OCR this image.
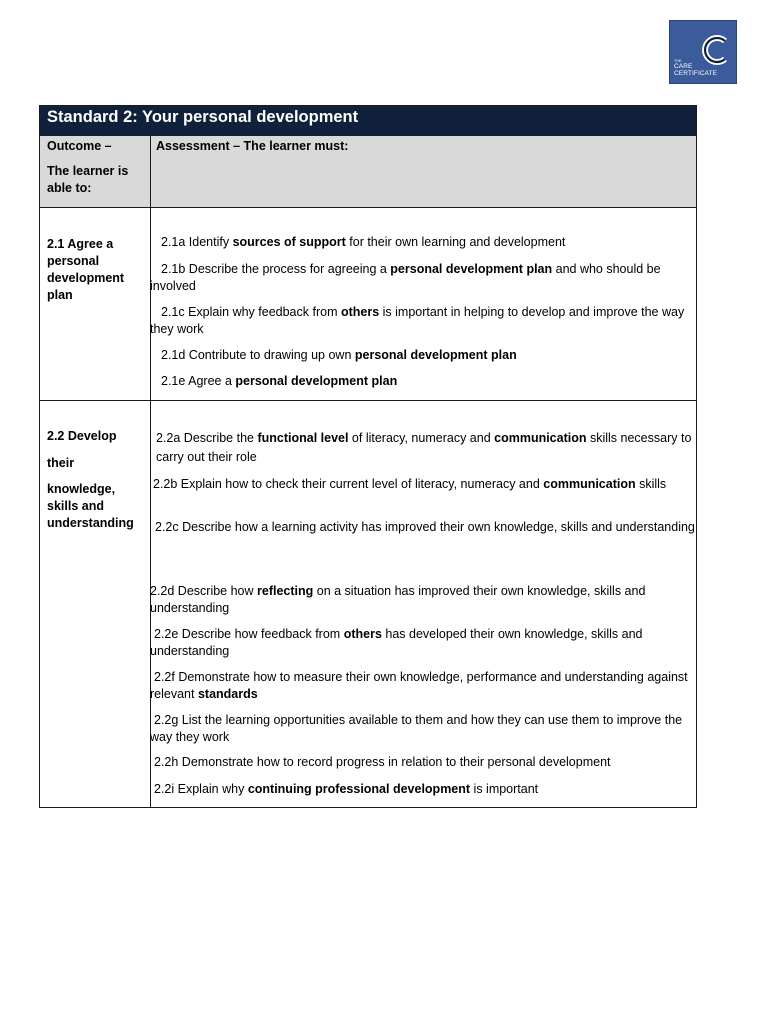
THE
CARE
CERTIFICATE
Standard 2: Your personal development
Outcome –
The learner is able to:
Assessment – The learner must:
2.1 Agree a personal development plan
2.1a Identify sources of support for their own learning and development
2.1b Describe the process for agreeing a personal development plan and who should be involved
2.1c Explain why feedback from others is important in helping to develop and improve the way they work
2.1d Contribute to drawing up own personal development plan
2.1e Agree a personal development plan
2.2 Develop
their
knowledge, skills and understanding
2.2a Describe the functional level of literacy, numeracy and communication skills necessary to carry out their role
2.2b Explain how to check their current level of literacy, numeracy and communication skills
2.2c Describe how a learning activity has improved their own knowledge, skills and understanding
2.2d Describe how reflecting on a situation has improved their own knowledge, skills and understanding
2.2e Describe how feedback from others has developed their own knowledge, skills and understanding
2.2f Demonstrate how to measure their own knowledge, performance and understanding against relevant standards
2.2g List the learning opportunities available to them and how they can use them to improve the way they work
2.2h Demonstrate how to record progress in relation to their personal development
2.2i Explain why continuing professional development is important
